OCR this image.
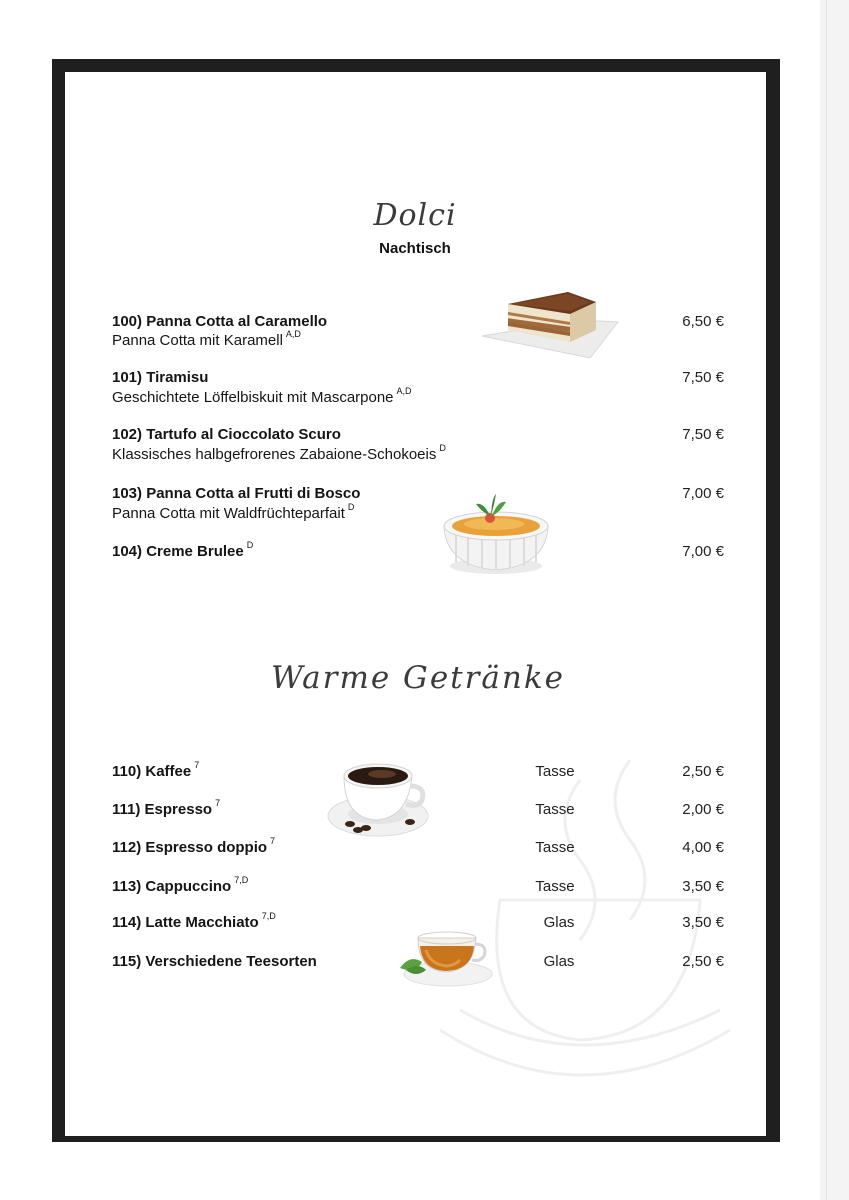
Dolci
Nachtisch
100) Panna Cotta al Caramello
Panna Cotta mit Karamell $^{A,D}$
6,50 €
101) Tiramisu
Geschichtete Löffelbiskuit mit Mascarpone $^{A,D}$
7,50 €
102) Tartufo al Cioccolato Scuro
Klassisches halbgefrorenes Zabaione-Schokoeis $^D$
7,50 €
103) Panna Cotta al Frutti di Bosco
Panna Cotta mit Waldfrüchteparfait $^D$
7,00 €
104) Creme Brulee $^D$	7,00 €
Warme Getränke
110) Kaffee $^7$	Tasse	2,50 €
111) Espresso $^7$	Tasse	2,00 €
112) Espresso doppio $^7$	Tasse	4,00 €
113) Cappuccino $^{7,D}$	Tasse	3,50 €
114) Latte Macchiato $^{7,D}$	Glas	3,50 €
115) Verschiedene Teesorten	Glas	2,50 €
